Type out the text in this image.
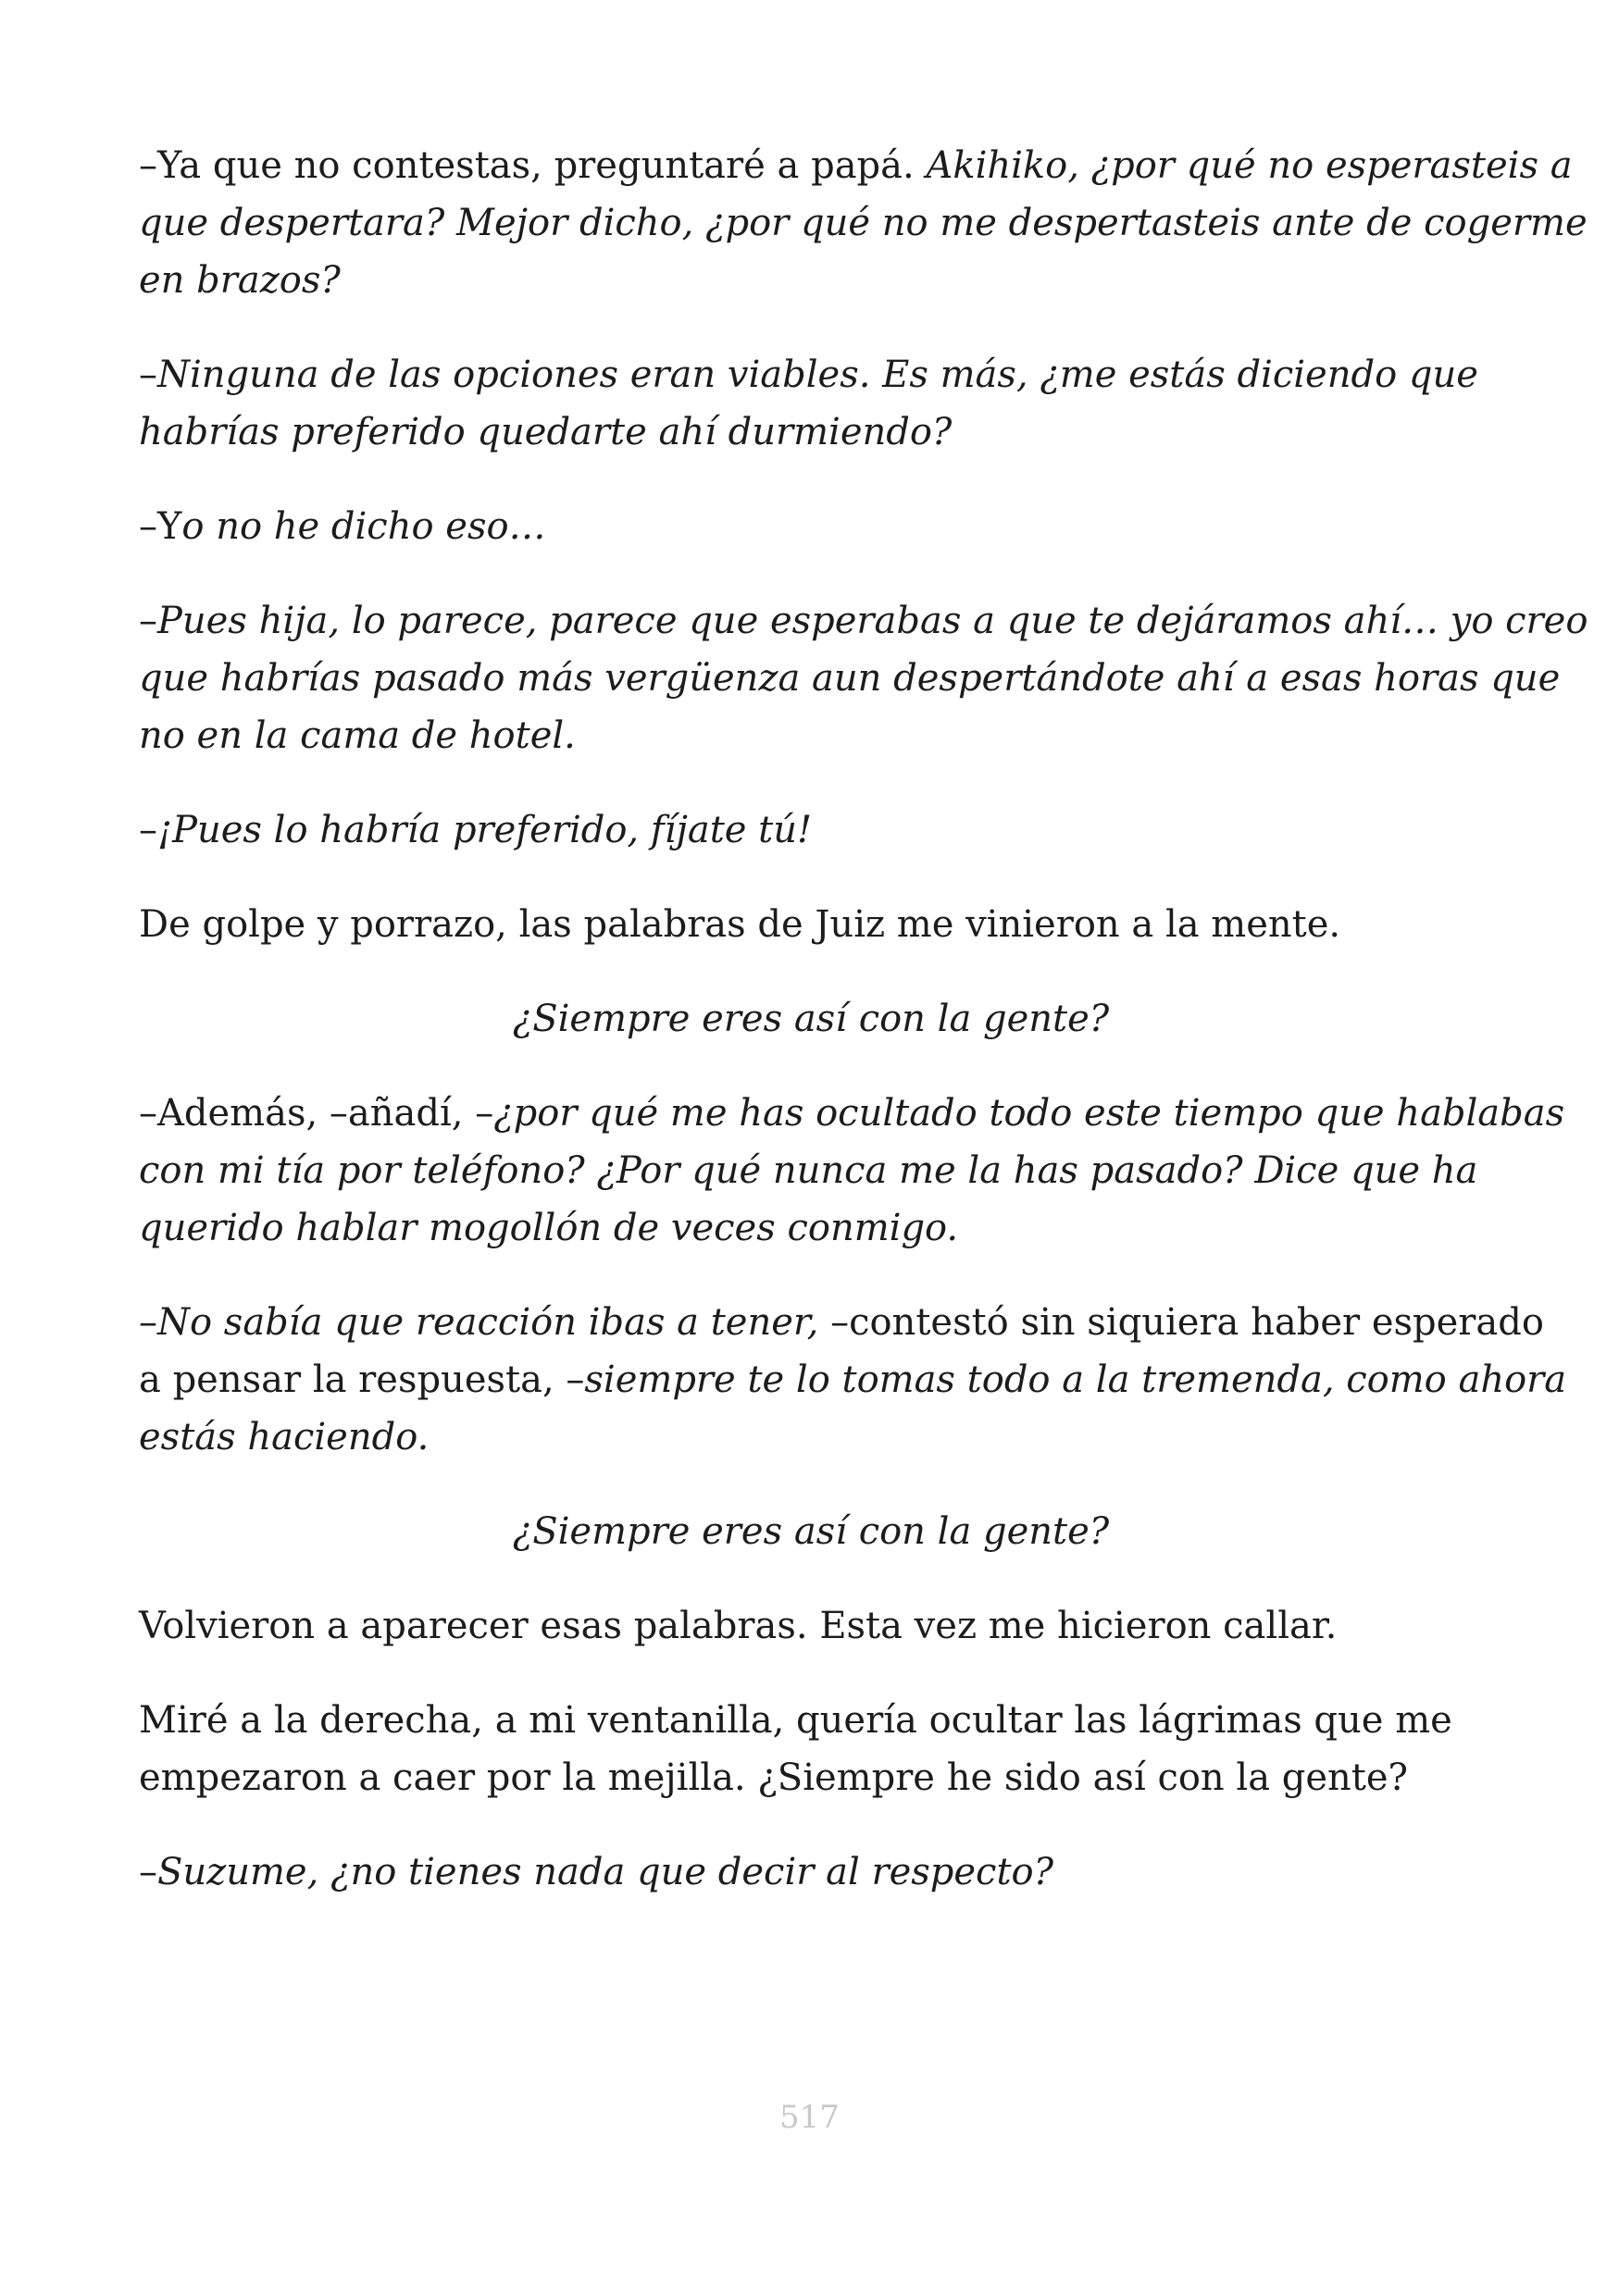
–Ya que no contestas, preguntaré a papá. Akihiko, ¿por qué no esperasteis a
que despertara? Mejor dicho, ¿por qué no me despertasteis ante de cogerme
en brazos?

–Ninguna de las opciones eran viables. Es más, ¿me estás diciendo que
habrías preferido quedarte ahí durmiendo?

–Yo no he dicho eso…

–Pues hija, lo parece, parece que esperabas a que te dejáramos ahí… yo creo
que habrías pasado más vergüenza aun despertándote ahí a esas horas que
no en la cama de hotel.

–¡Pues lo habría preferido, fíjate tú!

De golpe y porrazo, las palabras de Juiz me vinieron a la mente.

¿Siempre eres así con la gente?

–Además, –añadí, –¿por qué me has ocultado todo este tiempo que hablabas
con mi tía por teléfono? ¿Por qué nunca me la has pasado? Dice que ha
querido hablar mogollón de veces conmigo.

–No sabía que reacción ibas a tener, –contestó sin siquiera haber esperado
a pensar la respuesta, –siempre te lo tomas todo a la tremenda, como ahora
estás haciendo.

¿Siempre eres así con la gente?

Volvieron a aparecer esas palabras. Esta vez me hicieron callar.

Miré a la derecha, a mi ventanilla, quería ocultar las lágrimas que me
empezaron a caer por la mejilla. ¿Siempre he sido así con la gente?

–Suzume, ¿no tienes nada que decir al respecto?

517
